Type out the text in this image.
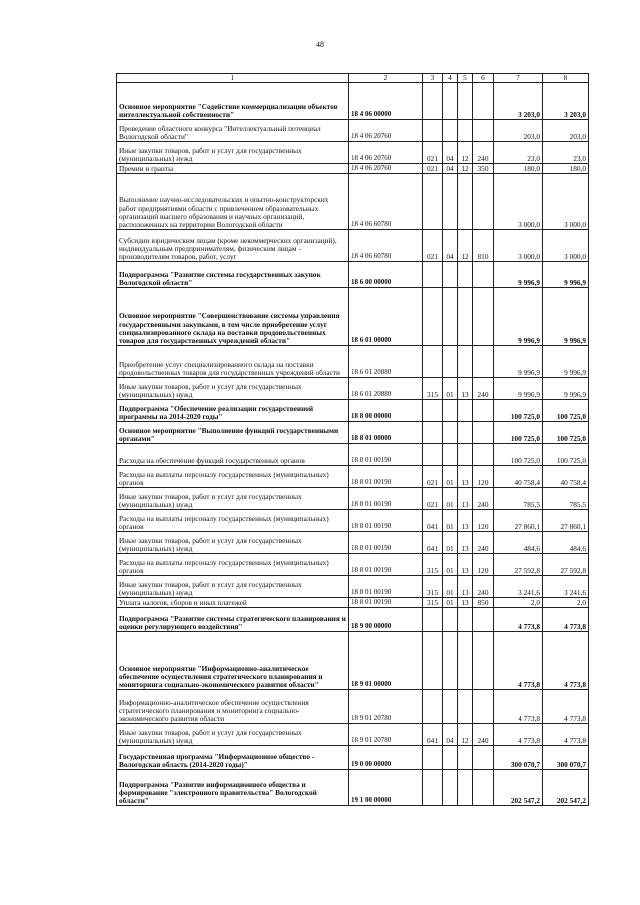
48
1	2	3	4	5	6	7	8
Основное мероприятие "Содействие коммерциализации объектов интеллектуальной собственности"	18 4 06 00000					3 203,0	3 203,0
Проведение областного конкурса "Интеллектуальный потенциал Вологодской области"	18 4 06 20760					203,0	203,0
Иные закупки товаров, работ и услуг для государственных (муниципальных) нужд	18 4 06 20760	021	04	12	240	23,0	23,0
Премии и гранты	18 4 06 20760	021	04	12	350	180,0	180,0
Выполнение научно-исследовательских и опытно-конструкторских работ предприятиями области с привлечением образовательных организаций высшего образования и научных организаций, расположенных на территории Вологодской области	18 4 06 60780					3 000,0	3 000,0
Субсидии юридическим лицам (кроме некоммерческих организаций), индивидуальным предпринимателям, физическим лицам - производителям товаров, работ, услуг	18 4 06 60780	021	04	12	810	3 000,0	3 000,0
Подпрограмма "Развитие системы государственных закупок Вологодской области"	18 6 00 00000					9 996,9	9 996,9
Основное мероприятие "Совершенствование системы управления государственными закупками, в том числе приобретение услуг специализированного склада на поставки продовольственных товаров для государственных учреждений области"	18 6 01 00000					9 996,9	9 996,9
Приобретение услуг специализированного склада на поставки продовольственных товаров для государственных учреждений области	18 6 01 20880					9 996,9	9 996,9
Иные закупки товаров, работ и услуг для государственных (муниципальных) нужд	18 6 01 20880	315	01	13	240	9 996,9	9 996,9
Подпрограмма "Обеспечение реализации государственной программы на 2014-2020 годы"	18 8 00 00000					100 725,0	100 725,0
Основное мероприятие "Выполнение функций государственными органами"	18 8 01 00000					100 725,0	100 725,0
Расходы на обеспечение функций государственных органов	18 8 01 00190					100 725,0	100 725,0
Расходы на выплаты персоналу государственных (муниципальных) органов	18 8 01 00190	021	01	13	120	40 758,4	40 758,4
Иные закупки товаров, работ и услуг для государственных (муниципальных) нужд	18 8 01 00190	021	01	13	240	785,5	785,5
Расходы на выплаты персоналу государственных (муниципальных) органов	18 8 01 00190	041	01	13	120	27 860,1	27 860,1
Иные закупки товаров, работ и услуг для государственных (муниципальных) нужд	18 8 01 00190	041	01	13	240	484,6	484,6
Расходы на выплаты персоналу государственных (муниципальных) органов	18 8 01 00190	315	01	13	120	27 592,8	27 592,8
Иные закупки товаров, работ и услуг для государственных (муниципальных) нужд	18 8 01 00190	315	01	13	240	3 241,6	3 241,6
Уплата налогов, сборов и иных платежей	18 8 01 00190	315	01	13	850	2,0	2,0
Подпрограмма "Развитие системы стратегического планирования и оценки регулирующего воздействия"	18 9 00 00000					4 773,8	4 773,8
Основное мероприятие "Информационно-аналитическое обеспечение осуществления стратегического планирования и мониторинга социально-экономического развития области"	18 9 01 00000					4 773,8	4 773,8
Информационно-аналитическое обеспечение осуществления стратегического планирования и мониторинга социально-экономического развития области	18 9 01 20780					4 773,8	4 773,8
Иные закупки товаров, работ и услуг для государственных (муниципальных) нужд	18 9 01 20780	041	04	12	240	4 773,8	4 773,8
Государственная программа "Информационное общество - Вологодская область (2014-2020 годы)"	19 0 00 00000					300 070,7	300 070,7
Подпрограмма "Развитие информационного общества и формирование "электронного правительства" Вологодской области"	19 1 00 00000					202 547,2	202 547,2
